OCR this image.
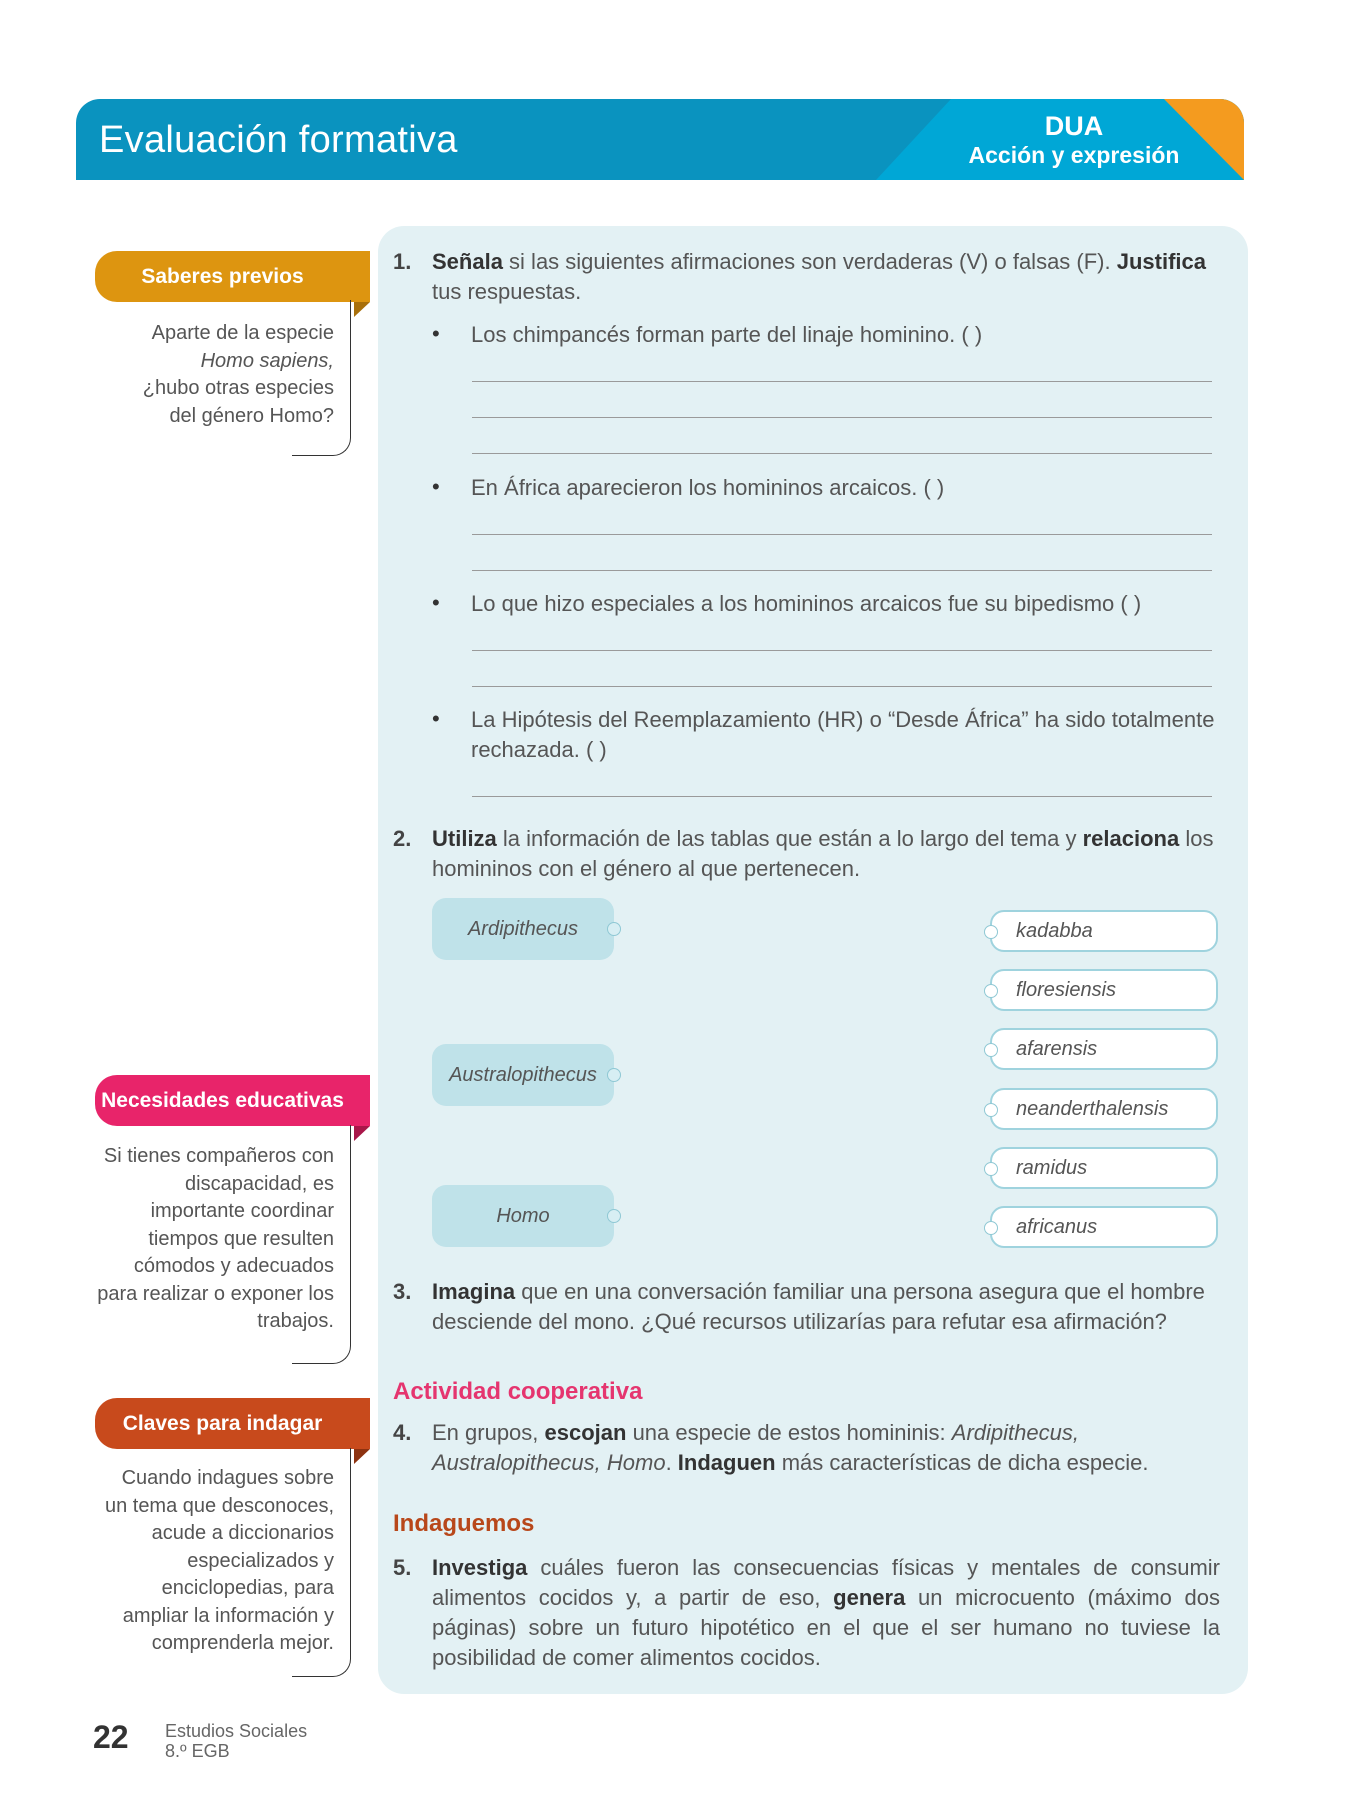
Evaluación formativa	DUA
Acción y expresión
Saberes previos
Aparte de la especie
Homo sapiens,
¿hubo otras especies
del género Homo?
Necesidades educativas
Si tienes compañeros con
discapacidad, es
importante coordinar
tiempos que resulten
cómodos y adecuados
para realizar o exponer los
trabajos.
Claves para indagar
Cuando indagues sobre
un tema que desconoces,
acude a diccionarios
especializados y
enciclopedias, para
ampliar la información y
comprenderla mejor.
1. Señala si las siguientes afirmaciones son verdaderas (V) o falsas (F). Justifica tus respuestas.
• Los chimpancés forman parte del linaje hominino. ( )
• En África aparecieron los homininos arcaicos. ( )
• Lo que hizo especiales a los homininos arcaicos fue su bipedismo ( )
• La Hipótesis del Reemplazamiento (HR) o “Desde África” ha sido totalmente rechazada. ( )
2. Utiliza la información de las tablas que están a lo largo del tema y relaciona los homininos con el género al que pertenecen.
Ardipithecus
Australopithecus
Homo
kadabba
floresiensis
afarensis
neanderthalensis
ramidus
africanus
3. Imagina que en una conversación familiar una persona asegura que el hombre desciende del mono. ¿Qué recursos utilizarías para refutar esa afirmación?
Actividad cooperativa
4. En grupos, escojan una especie de estos homininis: Ardipithecus, Australopithecus, Homo. Indaguen más características de dicha especie.
Indaguemos
5. Investiga cuáles fueron las consecuencias físicas y mentales de consumir alimentos cocidos y, a partir de eso, genera un microcuento (máximo dos páginas) sobre un futuro hipotético en el que el ser humano no tuviese la posibilidad de comer alimentos cocidos.
22 Estudios Sociales
8.º EGB
